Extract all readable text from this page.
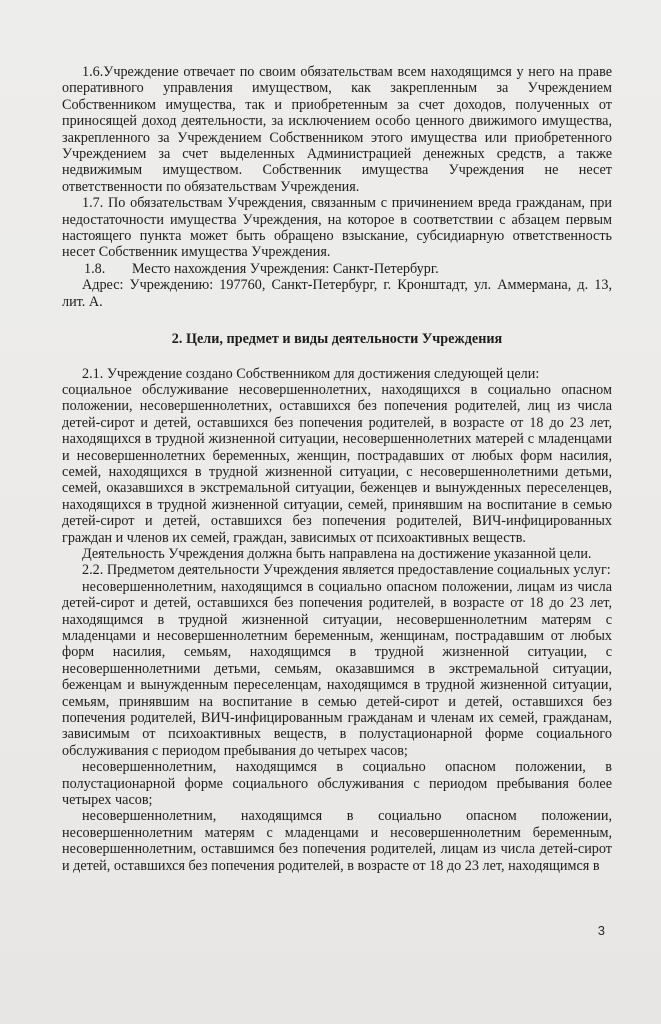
1.6.Учреждение отвечает по своим обязательствам всем находящимся у него на праве оперативного управления имуществом, как закрепленным за Учреждением Собственником имущества, так и приобретенным за счет доходов, полученных от приносящей доход деятельности, за исключением особо ценного движимого имущества, закрепленного за Учреждением Собственником этого имущества или приобретенного Учреждением за счет выделенных Администрацией денежных средств, а также недвижимым имуществом. Собственник имущества Учреждения не несет ответственности по обязательствам Учреждения.

1.7. По обязательствам Учреждения, связанным с причинением вреда гражданам, при недостаточности имущества Учреждения, на которое в соответствии с абзацем первым настоящего пункта может быть обращено взыскание, субсидиарную ответственность несет Собственник имущества Учреждения.

1.8.	Место нахождения Учреждения: Санкт-Петербург.

Адрес: Учреждению: 197760, Санкт-Петербург, г. Кронштадт, ул. Аммермана, д. 13, лит. А.

2. Цели, предмет и виды деятельности Учреждения

2.1. Учреждение создано Собственником для достижения следующей цели:

социальное обслуживание несовершеннолетних, находящихся в социально опасном положении, несовершеннолетних, оставшихся без попечения родителей, лиц из числа детей-сирот и детей, оставшихся без попечения родителей, в возрасте от 18 до 23 лет, находящихся в трудной жизненной ситуации, несовершеннолетних матерей с младенцами и несовершеннолетних беременных, женщин, пострадавших от любых форм насилия, семей, находящихся в трудной жизненной ситуации, с несовершеннолетними детьми, семей, оказавшихся в экстремальной ситуации, беженцев и вынужденных переселенцев, находящихся в трудной жизненной ситуации, семей, принявшим на воспитание в семью детей-сирот и детей, оставшихся без попечения родителей, ВИЧ-инфицированных граждан и членов их семей, граждан, зависимых от психоактивных веществ.

Деятельность Учреждения должна быть направлена на достижение указанной цели.

2.2. Предметом деятельности Учреждения является предоставление социальных услуг:

несовершеннолетним, находящимся в социально опасном положении, лицам из числа детей-сирот и детей, оставшихся без попечения родителей, в возрасте от 18 до 23 лет, находящимся в трудной жизненной ситуации, несовершеннолетним матерям с младенцами и несовершеннолетним беременным, женщинам, пострадавшим от любых форм насилия, семьям, находящимся в трудной жизненной ситуации, с несовершеннолетними детьми, семьям, оказавшимся в экстремальной ситуации, беженцам и вынужденным переселенцам, находящимся в трудной жизненной ситуации, семьям, принявшим на воспитание в семью детей-сирот и детей, оставшихся без попечения родителей, ВИЧ-инфицированным гражданам и членам их семей, гражданам, зависимым от психоактивных веществ, в полустационарной форме социального обслуживания с периодом пребывания до четырех часов;

несовершеннолетним, находящимся в социально опасном положении, в полустационарной форме социального обслуживания с периодом пребывания более четырех часов;

несовершеннолетним, находящимся в социально опасном положении, несовершеннолетним матерям с младенцами и несовершеннолетним беременным, несовершеннолетним, оставшимся без попечения родителей, лицам из числа детей-сирот и детей, оставшихся без попечения родителей, в возрасте от 18 до 23 лет, находящимся в

3
